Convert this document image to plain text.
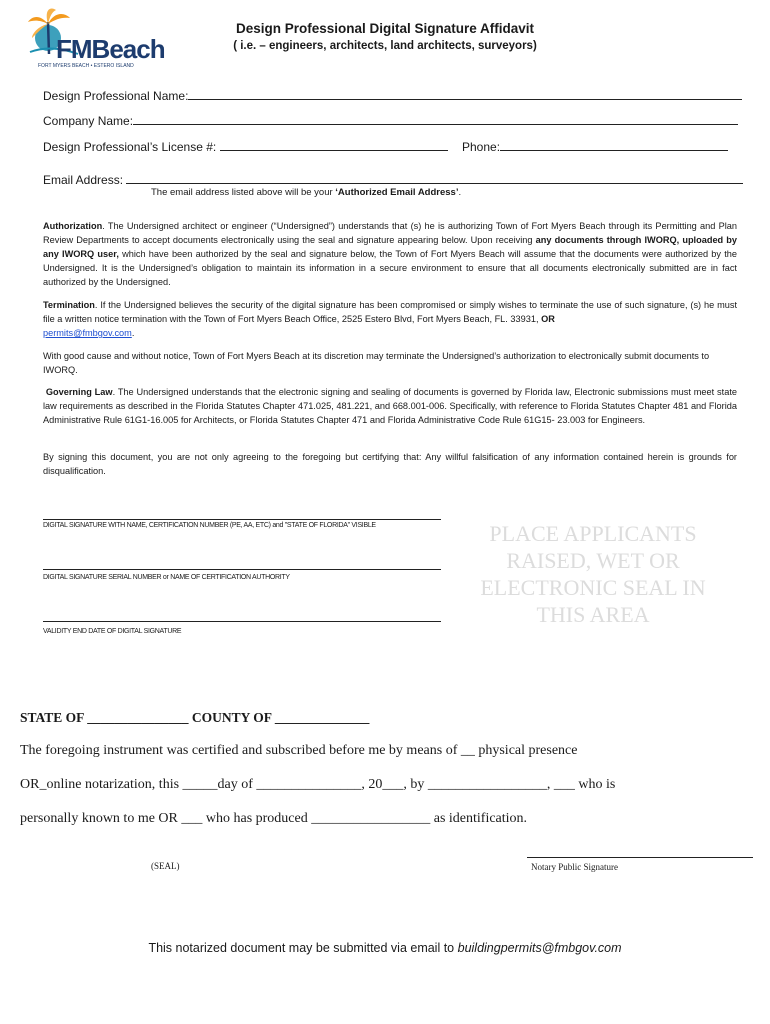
FMBeach
FORT MYERS BEACH • ESTERO ISLAND
Design Professional Digital Signature Affidavit
( i.e. – engineers, architects, land architects, surveyors)
Design Professional Name:
Company Name:
Design Professional’s License #:	Phone:
Email Address:
The email address listed above will be your ‘Authorized Email Address’.
Authorization. The Undersigned architect or engineer (“Undersigned”) understands that (s) he is authorizing Town of Fort Myers Beach through its Permitting and Plan Review Departments to accept documents electronically using the seal and signature appearing below. Upon receiving any documents through IWORQ, uploaded by any IWORQ user, which have been authorized by the seal and signature below, the Town of Fort Myers Beach will assume that the documents were authorized by the Undersigned. It is the Undersigned’s obligation to maintain its information in a secure environment to ensure that all documents electronically submitted are in fact authorized by the Undersigned.
Termination. If the Undersigned believes the security of the digital signature has been compromised or simply wishes to terminate the use of such signature, (s) he must file a written notice termination with the Town of Fort Myers Beach Office, 2525 Estero Blvd, Fort Myers Beach, FL. 33931, OR
permits@fmbgov.com.
With good cause and without notice, Town of Fort Myers Beach at its discretion may terminate the Undersigned’s authorization to electronically submit documents to IWORQ.
Governing Law. The Undersigned understands that the electronic signing and sealing of documents is governed by Florida law, Electronic submissions must meet state law requirements as described in the Florida Statutes Chapter 471.025, 481.221, and 668.001-006. Specifically, with reference to Florida Statutes Chapter 481 and Florida Administrative Rule 61G1-16.005 for Architects, or Florida Statutes Chapter 471 and Florida Administrative Code Rule 61G15- 23.003 for Engineers.
By signing this document, you are not only agreeing to the foregoing but certifying that: Any willful falsification of any information contained herein is grounds for disqualification.
DIGITAL SIGNATURE WITH NAME, CERTIFICATION NUMBER (PE, AA, ETC) and "STATE OF FLORIDA" VISIBLE
DIGITAL SIGNATURE SERIAL NUMBER or NAME OF CERTIFICATION AUTHORITY
VALIDITY END DATE OF DIGITAL SIGNATURE
PLACE APPLICANTS RAISED, WET OR ELECTRONIC SEAL IN THIS AREA
STATE OF _______________ COUNTY OF ______________
The foregoing instrument was certified and subscribed before me by means of __ physical presence
OR_online notarization, this _____day of _______________, 20___, by _________________, ___ who is
personally known to me OR ___ who has produced _________________ as identification.
(SEAL)	Notary Public Signature
This notarized document may be submitted via email to buildingpermits@fmbgov.com
